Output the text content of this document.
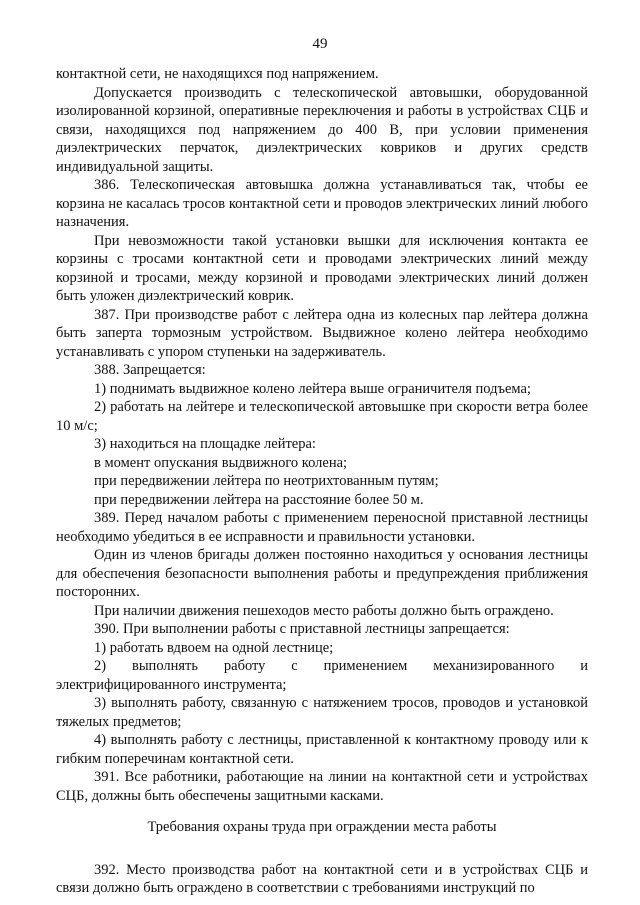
49

контактной сети, не находящихся под напряжением.

Допускается производить с телескопической автовышки, оборудованной изолированной корзиной, оперативные переключения и работы в устройствах СЦБ и связи, находящихся под напряжением до 400 В, при условии применения диэлектрических перчаток, диэлектрических ковриков и других средств индивидуальной защиты.

386. Телескопическая автовышка должна устанавливаться так, чтобы ее корзина не касалась тросов контактной сети и проводов электрических линий любого назначения.

При невозможности такой установки вышки для исключения контакта ее корзины с тросами контактной сети и проводами электрических линий между корзиной и тросами, между корзиной и проводами электрических линий должен быть уложен диэлектрический коврик.

387. При производстве работ с лейтера одна из колесных пар лейтера должна быть заперта тормозным устройством. Выдвижное колено лейтера необходимо устанавливать с упором ступеньки на задерживатель.

388. Запрещается:

1) поднимать выдвижное колено лейтера выше ограничителя подъема;

2) работать на лейтере и телескопической автовышке при скорости ветра более 10 м/с;

3) находиться на площадке лейтера:

в момент опускания выдвижного колена;

при передвижении лейтера по неотрихтованным путям;

при передвижении лейтера на расстояние более 50 м.

389. Перед началом работы с применением переносной приставной лестницы необходимо убедиться в ее исправности и правильности установки.

Один из членов бригады должен постоянно находиться у основания лестницы для обеспечения безопасности выполнения работы и предупреждения приближения посторонних.

При наличии движения пешеходов место работы должно быть ограждено.

390. При выполнении работы с приставной лестницы запрещается:

1) работать вдвоем на одной лестнице;

2) выполнять работу с применением механизированного и электрифицированного инструмента;

3) выполнять работу, связанную с натяжением тросов, проводов и установкой тяжелых предметов;

4) выполнять работу с лестницы, приставленной к контактному проводу или к гибким поперечинам контактной сети.

391. Все работники, работающие на линии на контактной сети и устройствах СЦБ, должны быть обеспечены защитными касками.

Требования охраны труда при ограждении места работы

392. Место производства работ на контактной сети и в устройствах СЦБ и связи должно быть ограждено в соответствии с требованиями инструкций по
